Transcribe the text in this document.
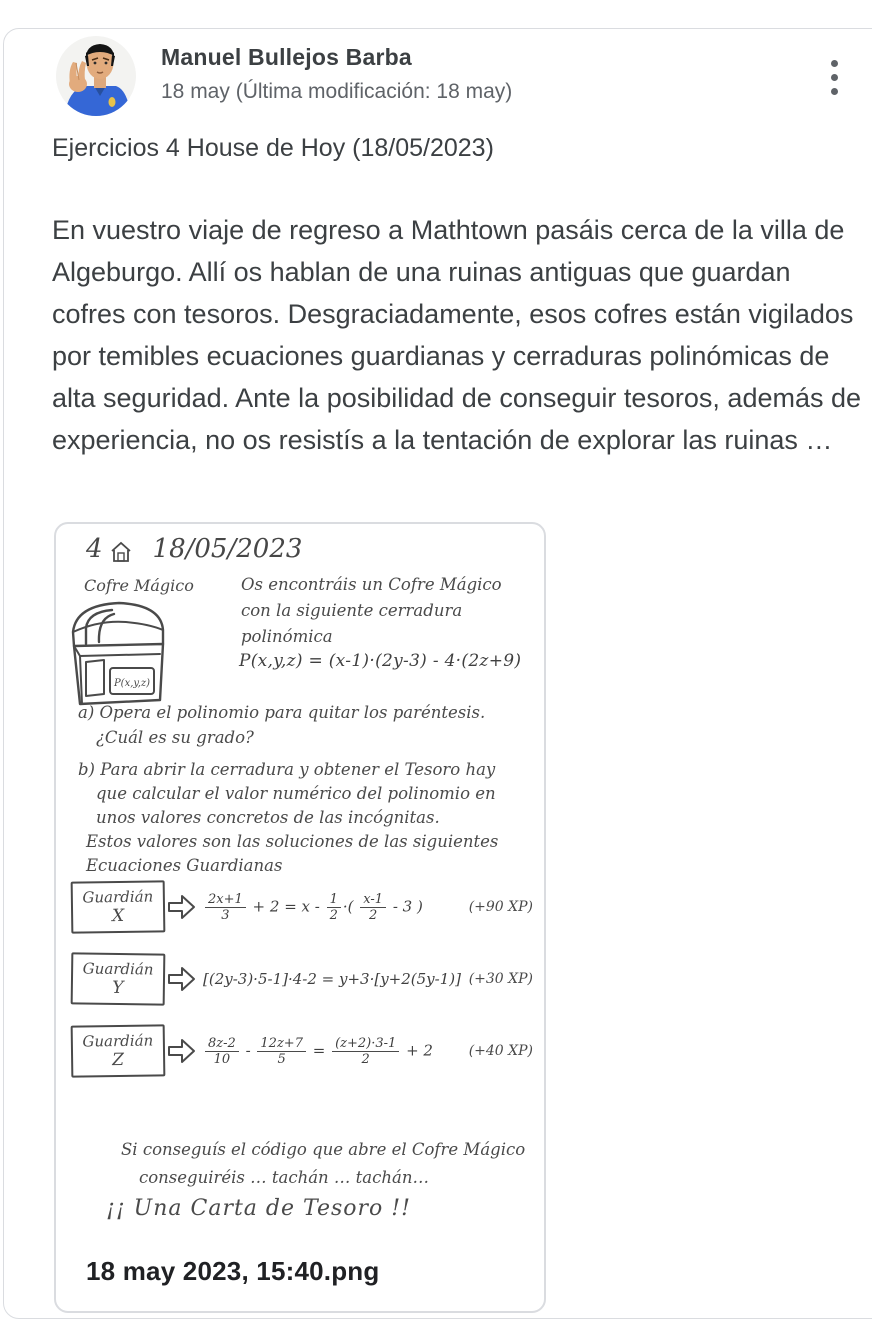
Manuel Bullejos Barba
18 may (Última modificación: 18 may)
Ejercicios 4 House de Hoy (18/05/2023)
En vuestro viaje de regreso a Mathtown pasáis cerca de la villa de Algeburgo. Allí os hablan de una ruinas antiguas que guardan cofres con tesoros. Desgraciadamente, esos cofres están vigilados por temibles ecuaciones guardianas y cerraduras polinómicas de alta seguridad. Ante la posibilidad de conseguir tesoros, además de experiencia, no os resistís a la tentación de explorar las ruinas …
4 18/05/2023
Cofre Mágico
P(x,y,z)
Os encontráis un Cofre Mágico
con la siguiente cerradura
polinómica
P(x,y,z) = (x-1)·(2y-3) - 4·(2z+9)
a) Opera el polinomio para quitar los paréntesis.
¿Cuál es su grado?
b) Para abrir la cerradura y obtener el Tesoro hay
que calcular el valor numérico del polinomio en
unos valores concretos de las incógnitas.
Estos valores son las soluciones de las siguientes
Ecuaciones Guardianas
Guardián
X	$\frac{2x+1}{3} + 2 = x - \frac{1}{2}$ ·( $\frac{x-1}{2} - 3$ )	(+90 XP)
Guardián
Y	[(2y-3)·5-1]·4-2 = y+3·[y+2(5y-1)] (+30 XP)
Guardián
Z	$\frac{8z-2}{10} - \frac{12z+7}{5} = \frac{(z+2)\cdot 3-1}{2} + 2$	(+40 XP)
Si conseguís el código que abre el Cofre Mágico
conseguiréis … tachán … tachán…
¡¡ Una Carta de Tesoro !!
18 may 2023, 15:40.png
